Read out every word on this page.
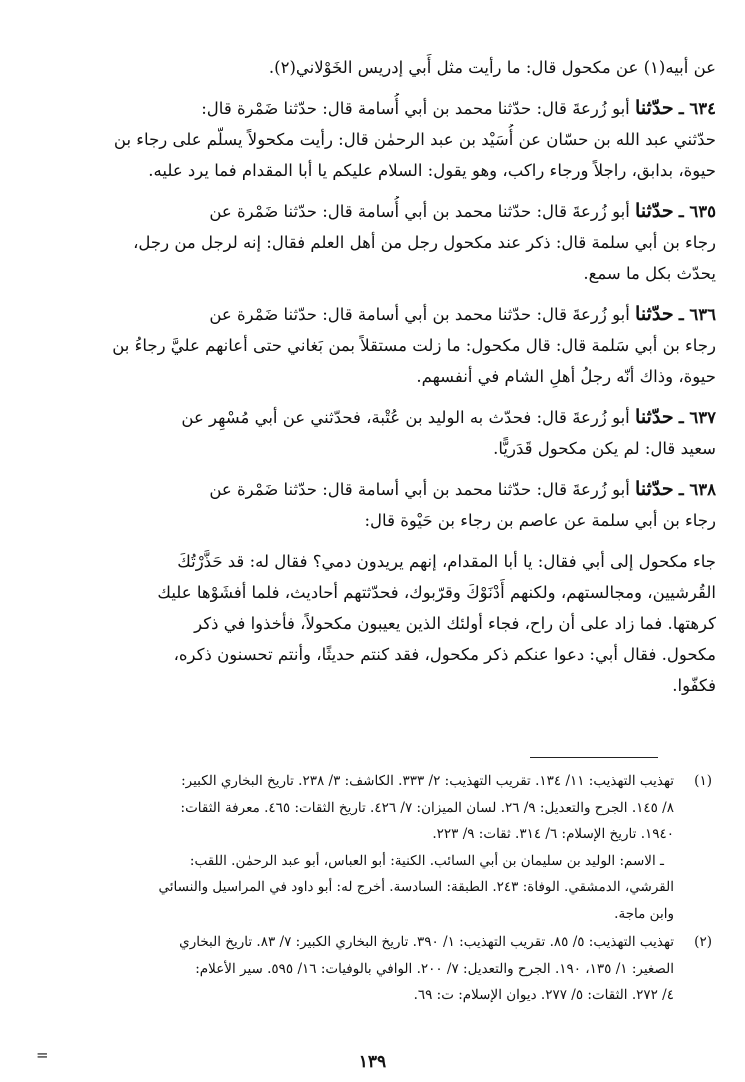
عن أبيه(١) عن مكحول قال: ما رأيت مثل أَبي إدريس الخَوْلاني(٢).

٦٣٤ ـ حدّثنا أبو زُرعةَ قال: حدّثنا محمد بن أبي أُسامة قال: حدّثنا ضَمْرة قال:
حدّثني عبد الله بن حسّان عن أُسَيْد بن عبد الرحمٰن قال: رأيت مكحولاً يسلّم على رجاء بن
حيوة، بدابق، راجلاً ورجاء راكب، وهو يقول: السلام عليكم يا أبا المقدام فما يرد عليه.

٦٣٥ ـ حدّثنا أبو زُرعةَ قال: حدّثنا محمد بن أبي أُسامة قال: حدّثنا ضَمْرة عن
رجاء بن أبي سلمة قال: ذكر عند مكحول رجل من أهل العلم فقال: إنه لرجل من رجل،
يحدّث بكل ما سمع.

٦٣٦ ـ حدّثنا أبو زُرعةَ قال: حدّثنا محمد بن أبي أسامة قال: حدّثنا ضَمْرة عن
رجاء بن أبي سَلمة قال: قال مكحول: ما زلت مستقلاً بمن بَغاني حتى أعانهم عليَّ رجاءُ بن
حيوة، وذاك أنّه رجلُ أهلِ الشام في أنفسهم.

٦٣٧ ـ حدّثنا أبو زُرعةَ قال: فحدّث به الوليد بن عُتْبة، فحدّثني عن أبي مُسْهِر عن
سعيد قال: لم يكن مكحول قَدَريًّا.

٦٣٨ ـ حدّثنا أبو زُرعةَ قال: حدّثنا محمد بن أبي أسامة قال: حدّثنا ضَمْرة عن
رجاء بن أبي سلمة عن عاصم بن رجاء بن حَيْوة قال:

جاء مكحول إلى أبي فقال: يا أبا المقدام، إنهم يريدون دمي؟ فقال له: قد حَذَّرْتُكَ
القُرشيين، ومجالستهم، ولكنهم أَدْنَوْكَ وقرّبوك، فحدّثتهم أحاديث، فلما أفشَوْها عليك
كرهتها. فما زاد على أن راح، فجاء أولئك الذين يعيبون مكحولاً، فأخذوا في ذكر
مكحول. فقال أبي: دعوا عنكم ذكر مكحول، فقد كنتم حديثًا، وأنتم تحسنون ذكره،
فكفّوا.

(١)
تهذيب التهذيب: ١١/ ١٣٤. تقريب التهذيب: ٢/ ٣٣٣. الكاشف: ٣/ ٢٣٨. تاريخ البخاري الكبير:
٨/ ١٤٥. الجرح والتعديل: ٩/ ٢٦. لسان الميزان: ٧/ ٤٢٦. تاريخ الثقات: ٤٦٥. معرفة الثقات:
١٩٤٠. تاريخ الإسلام: ٦/ ٣١٤. ثقات: ٩/ ٢٢٣.
ـ الاسم: الوليد بن سليمان بن أبي السائب. الكنية: أبو العباس، أبو عبد الرحمٰن. اللقب:
القرشي، الدمشقي. الوفاة: ٢٤٣. الطبقة: السادسة. أخرج له: أبو داود في المراسيل والنسائي
وابن ماجة.
(٢)
تهذيب التهذيب: ٥/ ٨٥. تقريب التهذيب: ١/ ٣٩٠. تاريخ البخاري الكبير: ٧/ ٨٣. تاريخ البخاري
الصغير: ١/ ١٣٥، ١٩٠. الجرح والتعديل: ٧/ ٢٠٠. الوافي بالوفيات: ١٦/ ٥٩٥. سير الأعلام:
٤/ ٢٧٢. الثقات: ٥/ ٢٧٧. ديوان الإسلام: ت: ٦٩.
=	١٣٩
